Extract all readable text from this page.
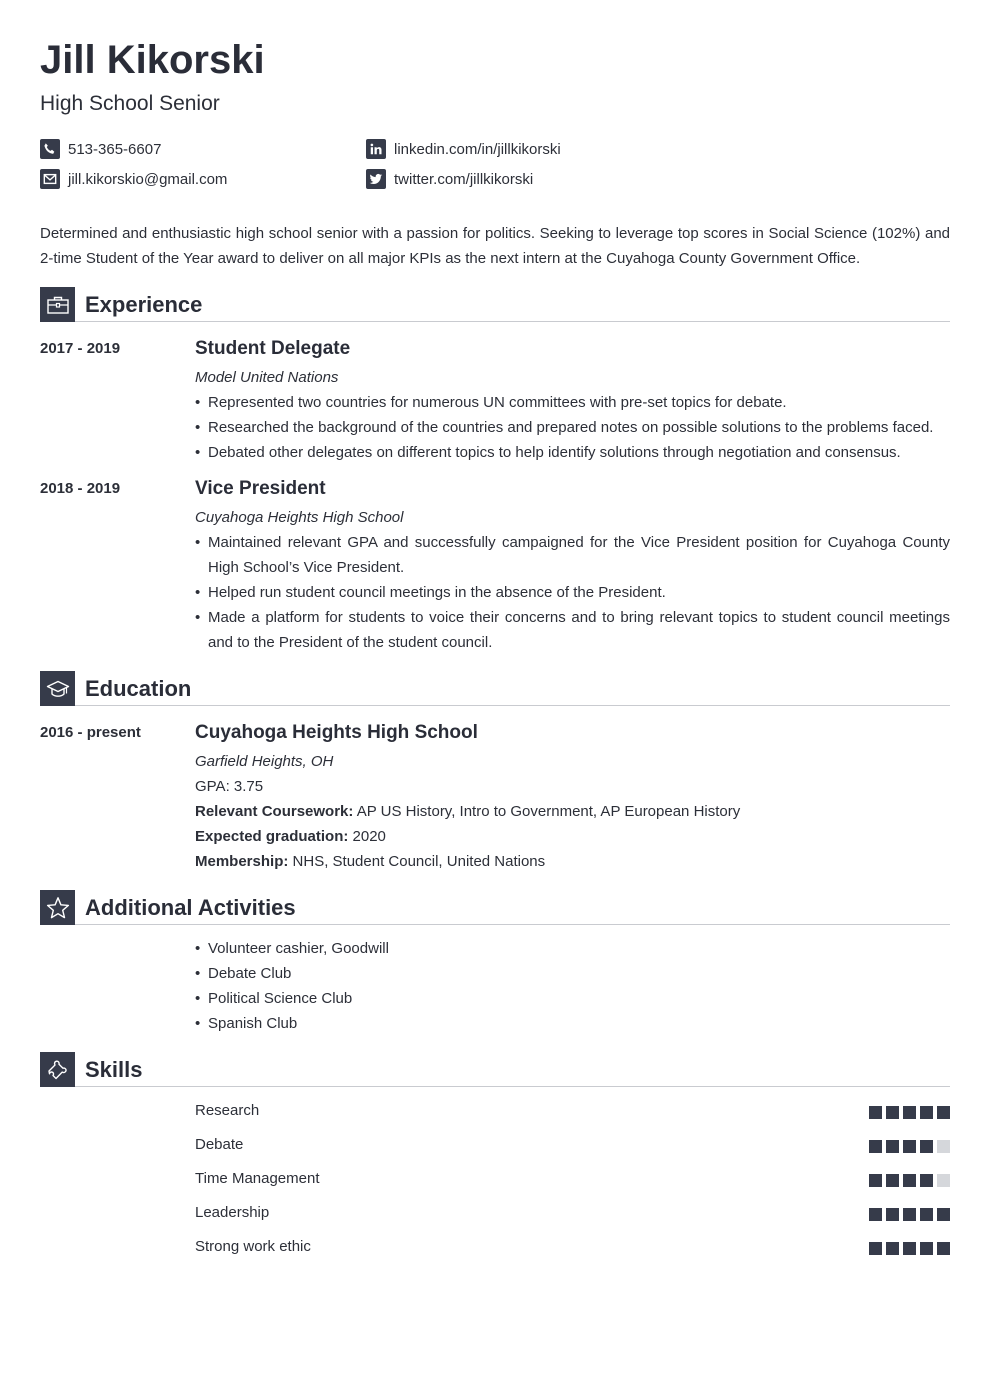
Jill Kikorski
High School Senior
513-365-6607
jill.kikorskio@gmail.com
linkedin.com/in/jillkikorski
twitter.com/jillkikorski

Determined and enthusiastic high school senior with a passion for politics. Seeking to leverage top scores in Social Science (102%) and 2-time Student of the Year award to deliver on all major KPIs as the next intern at the Cuyahoga County Government Office.

Experience
2017 - 2019	Student Delegate
Model United Nations
• Represented two countries for numerous UN committees with pre-set topics for debate.
• Researched the background of the countries and prepared notes on possible solutions to the problems faced.
• Debated other delegates on different topics to help identify solutions through negotiation and consensus.
2018 - 2019	Vice President
Cuyahoga Heights High School
• Maintained relevant GPA and successfully campaigned for the Vice President position for Cuyahoga County High School’s Vice President.
• Helped run student council meetings in the absence of the President.
• Made a platform for students to voice their concerns and to bring relevant topics to student council meetings and to the President of the student council.
Education
2016 - present	Cuyahoga Heights High School
Garfield Heights, OH
GPA: 3.75
Relevant Coursework: AP US History, Intro to Government, AP European History
Expected graduation: 2020
Membership: NHS, Student Council, United Nations
Additional Activities
• Volunteer cashier, Goodwill
• Debate Club
• Political Science Club
• Spanish Club
Skills
Research
Debate
Time Management
Leadership
Strong work ethic
